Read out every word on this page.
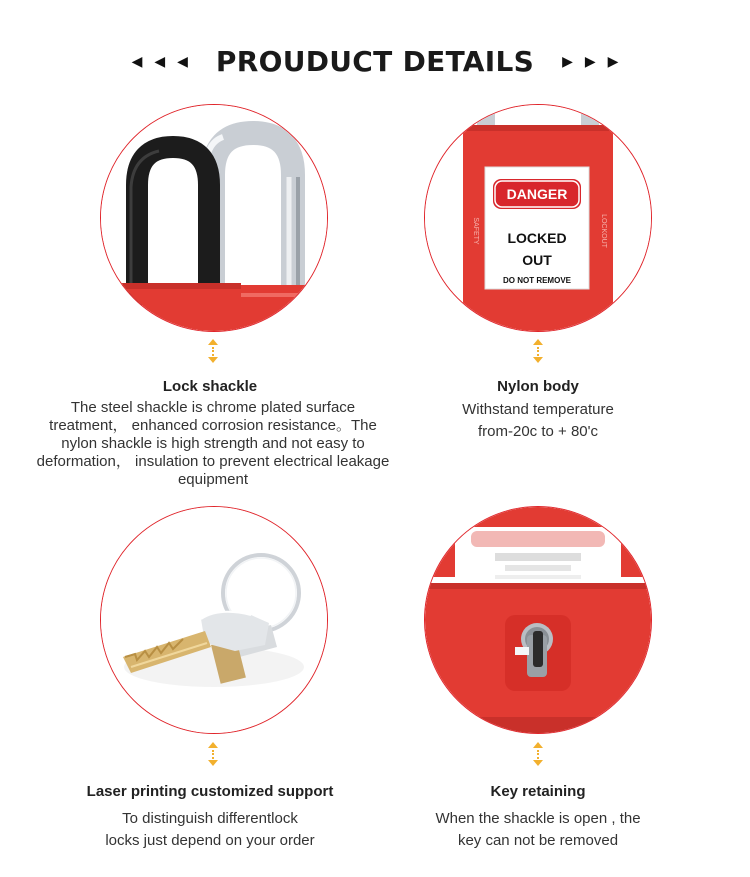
◀ ◀ ◀ PROUDUCT DETAILS ▶ ▶ ▶
Lock shackle
The steel shackle is chrome plated surface
treatment， enhanced corrosion resistance。The
nylon shackle is high strength and not easy to
deformation， insulation to prevent electrical leakage
equipment
DANGER
LOCKED
OUT
DO NOT REMOVE
SAFETY	LOCKOUT
Nylon body
Withstand temperature
from-20c to + 80'c
Laser printing customized support
To distinguish differentlock
locks just depend on your order
Key retaining
When the shackle is open , the
key can not be removed
